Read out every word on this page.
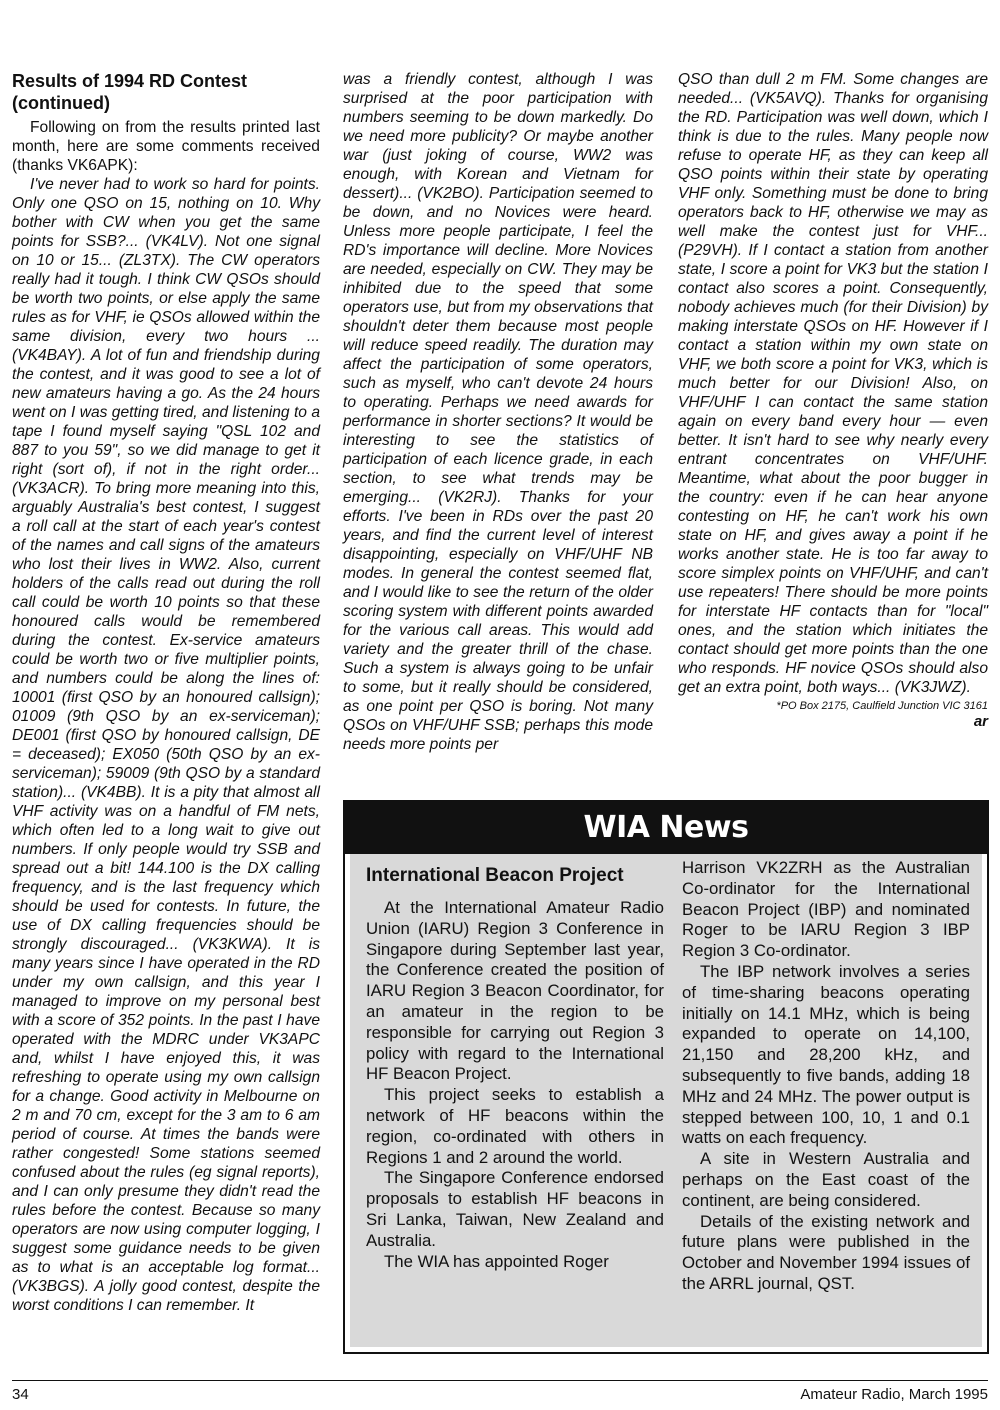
Results of 1994 RD Contest (continued)

Following on from the results printed last month, here are some comments received (thanks VK6APK):

I've never had to work so hard for points. Only one QSO on 15, nothing on 10. Why bother with CW when you get the same points for SSB?... (VK4LV). Not one signal on 10 or 15... (ZL3TX). The CW operators really had it tough. I think CW QSOs should be worth two points, or else apply the same rules as for VHF, ie QSOs allowed within the same division, every two hours ... (VK4BAY). A lot of fun and friendship during the contest, and it was good to see a lot of new amateurs having a go. As the 24 hours went on I was getting tired, and listening to a tape I found myself saying "QSL 102 and 887 to you 59", so we did manage to get it right (sort of), if not in the right order... (VK3ACR). To bring more meaning into this, arguably Australia's best contest, I suggest a roll call at the start of each year's contest of the names and call signs of the amateurs who lost their lives in WW2. Also, current holders of the calls read out during the roll call could be worth 10 points so that these honoured calls would be remembered during the contest. Ex-service amateurs could be worth two or five multiplier points, and numbers could be along the lines of: 10001 (first QSO by an honoured callsign); 01009 (9th QSO by an ex-serviceman); DE001 (first QSO by honoured callsign, DE = deceased); EX050 (50th QSO by an ex-serviceman); 59009 (9th QSO by a standard station)... (VK4BB). It is a pity that almost all VHF activity was on a handful of FM nets, which often led to a long wait to give out numbers. If only people would try SSB and spread out a bit! 144.100 is the DX calling frequency, and is the last frequency which should be used for contests. In future, the use of DX calling frequencies should be strongly discouraged... (VK3KWA). It is many years since I have operated in the RD under my own callsign, and this year I managed to improve on my personal best with a score of 352 points. In the past I have operated with the MDRC under VK3APC and, whilst I have enjoyed this, it was refreshing to operate using my own callsign for a change. Good activity in Melbourne on 2 m and 70 cm, except for the 3 am to 6 am period of course. At times the bands were rather congested! Some stations seemed confused about the rules (eg signal reports), and I can only presume they didn't read the rules before the contest. Because so many operators are now using computer logging, I suggest some guidance needs to be given as to what is an acceptable log format... (VK3BGS). A jolly good contest, despite the worst conditions I can remember. It

was a friendly contest, although I was surprised at the poor participation with numbers seeming to be down markedly. Do we need more publicity? Or maybe another war (just joking of course, WW2 was enough, with Korean and Vietnam for dessert)... (VK2BO). Participation seemed to be down, and no Novices were heard. Unless more people participate, I feel the RD's importance will decline. More Novices are needed, especially on CW. They may be inhibited due to the speed that some operators use, but from my observations that shouldn't deter them because most people will reduce speed readily. The duration may affect the participation of some operators, such as myself, who can't devote 24 hours to operating. Perhaps we need awards for performance in shorter sections? It would be interesting to see the statistics of participation of each licence grade, in each section, to see what trends may be emerging... (VK2RJ). Thanks for your efforts. I've been in RDs over the past 20 years, and find the current level of interest disappointing, especially on VHF/UHF NB modes. In general the contest seemed flat, and I would like to see the return of the older scoring system with different points awarded for the various call areas. This would add variety and the greater thrill of the chase. Such a system is always going to be unfair to some, but it really should be considered, as one point per QSO is boring. Not many QSOs on VHF/UHF SSB; perhaps this mode needs more points per

QSO than dull 2 m FM. Some changes are needed... (VK5AVQ). Thanks for organising the RD. Participation was well down, which I think is due to the rules. Many people now refuse to operate HF, as they can keep all QSO points within their state by operating VHF only. Something must be done to bring operators back to HF, otherwise we may as well make the contest just for VHF... (P29VH). If I contact a station from another state, I score a point for VK3 but the station I contact also scores a point. Consequently, nobody achieves much (for their Division) by making interstate QSOs on HF. However if I contact a station within my own state on VHF, we both score a point for VK3, which is much better for our Division! Also, on VHF/UHF I can contact the same station again on every band every hour — even better. It isn't hard to see why nearly every entrant concentrates on VHF/UHF. Meantime, what about the poor bugger in the country: even if he can hear anyone contesting on HF, he can't work his own state on HF, and gives away a point if he works another state. He is too far away to score simplex points on VHF/UHF, and can't use repeaters! There should be more points for interstate HF contacts than for "local" ones, and the station which initiates the contact should get more points than the one who responds. HF novice QSOs should also get an extra point, both ways... (VK3JWZ).

*PO Box 2175, Caulfield Junction VIC 3161
ar
WIA News
International Beacon Project

At the International Amateur Radio Union (IARU) Region 3 Conference in Singapore during September last year, the Conference created the position of IARU Region 3 Beacon Coordinator, for an amateur in the region to be responsible for carrying out Region 3 policy with regard to the International HF Beacon Project.

This project seeks to establish a network of HF beacons within the region, co-ordinated with others in Regions 1 and 2 around the world.

The Singapore Conference endorsed proposals to establish HF beacons in Sri Lanka, Taiwan, New Zealand and Australia.

The WIA has appointed Roger

Harrison VK2ZRH as the Australian Co-ordinator for the International Beacon Project (IBP) and nominated Roger to be IARU Region 3 IBP Region 3 Co-ordinator.

The IBP network involves a series of time-sharing beacons operating initially on 14.1 MHz, which is being expanded to operate on 14,100, 21,150 and 28,200 kHz, and subsequently to five bands, adding 18 MHz and 24 MHz. The power output is stepped between 100, 10, 1 and 0.1 watts on each frequency.

A site in Western Australia and perhaps on the East coast of the continent, are being considered.

Details of the existing network and future plans were published in the October and November 1994 issues of the ARRL journal, QST.

34	Amateur Radio, March 1995
